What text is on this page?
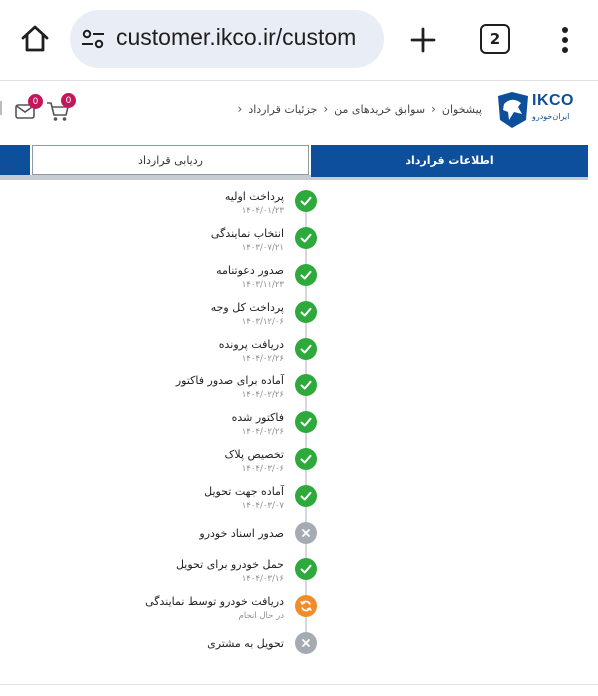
customer.ikco.ir/custom	2
0	0
پیشخوان
›
سوابق خریدهای من
›
جزئیات قرارداد
›	IKCO
ایران‌خودرو
ردیابی قرارداد	اطلاعات قرارداد
پرداخت اولیه
۱۴۰۴/۰۱/۲۳
انتخاب نمایندگی
۱۴۰۳/۰۷/۲۱
صدور دعوتنامه
۱۴۰۳/۱۱/۲۳
پرداخت کل وجه
۱۴۰۳/۱۲/۰۶
دریافت پرونده
۱۴۰۴/۰۲/۲۶
آماده برای صدور فاکتور
۱۴۰۴/۰۲/۲۶
فاکتور شده
۱۴۰۴/۰۲/۲۶
تخصیص پلاک
۱۴۰۴/۰۳/۰۶
آماده جهت تحویل
۱۴۰۴/۰۳/۰۷
صدور اسناد خودرو
حمل خودرو برای تحویل
۱۴۰۴/۰۳/۱۶
دریافت خودرو توسط نمایندگی
در حال انجام
تحویل به مشتری
